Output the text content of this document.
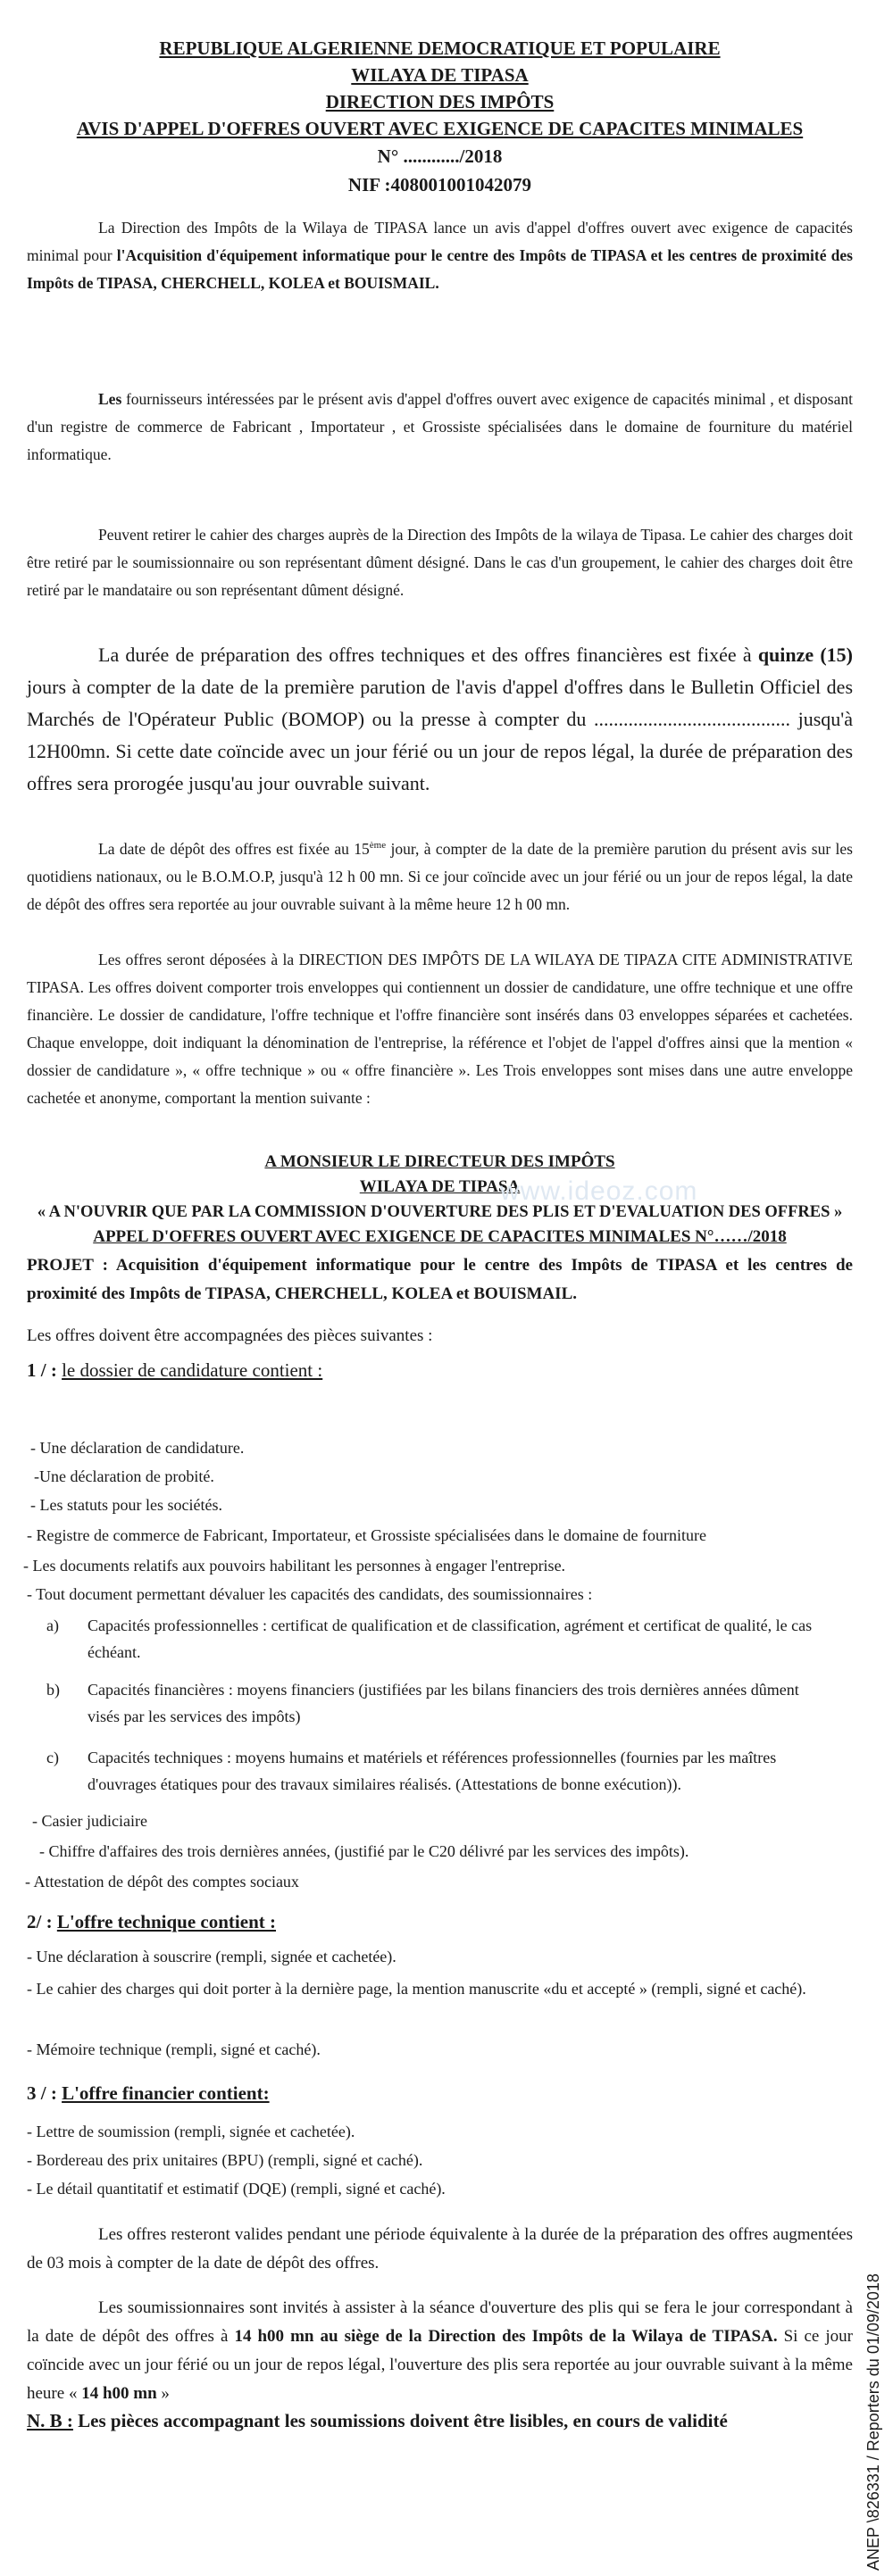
REPUBLIQUE ALGERIENNE DEMOCRATIQUE ET POPULAIRE
WILAYA DE TIPASA
DIRECTION DES IMPÔTS
AVIS D'APPEL D'OFFRES OUVERT AVEC EXIGENCE DE CAPACITES MINIMALES
N° ............/2018
NIF :408001001042079
La Direction des Impôts de la Wilaya de TIPASA lance un avis d'appel d'offres ouvert avec exigence de capacités minimal pour l'Acquisition d'équipement informatique pour le centre des Impôts de TIPASA et les centres de proximité des Impôts de TIPASA, CHERCHELL, KOLEA et BOUISMAIL.
Les fournisseurs intéressées par le présent avis d'appel d'offres ouvert avec exigence de capacités minimal , et disposant d'un registre de commerce de Fabricant , Importateur , et Grossiste spécialisées dans le domaine de fourniture du matériel informatique.
Peuvent retirer le cahier des charges auprès de la Direction des Impôts de la wilaya de Tipasa. Le cahier des charges doit être retiré par le soumissionnaire ou son représentant dûment désigné. Dans le cas d'un groupement, le cahier des charges doit être retiré par le mandataire ou son représentant dûment désigné.
La durée de préparation des offres techniques et des offres financières est fixée à quinze (15) jours à compter de la date de la première parution de l'avis d'appel d'offres dans le Bulletin Officiel des Marchés de l'Opérateur Public (BOMOP) ou la presse à compter du ........................................ jusqu'à 12H00mn. Si cette date coïncide avec un jour férié ou un jour de repos légal, la durée de préparation des offres sera prorogée jusqu'au jour ouvrable suivant.
La date de dépôt des offres est fixée au 15ème jour, à compter de la date de la première parution du présent avis sur les quotidiens nationaux, ou le B.O.M.O.P, jusqu'à 12 h 00 mn. Si ce jour coïncide avec un jour férié ou un jour de repos légal, la date de dépôt des offres sera reportée au jour ouvrable suivant à la même heure 12 h 00 mn.
Les offres seront déposées à la DIRECTION DES IMPÔTS DE LA WILAYA DE TIPAZA CITE ADMINISTRATIVE TIPASA. Les offres doivent comporter trois enveloppes qui contiennent un dossier de candidature, une offre technique et une offre financière. Le dossier de candidature, l'offre technique et l'offre financière sont insérés dans 03 enveloppes séparées et cachetées. Chaque enveloppe, doit indiquant la dénomination de l'entreprise, la référence et l'objet de l'appel d'offres ainsi que la mention « dossier de candidature », « offre technique » ou « offre financière ». Les Trois enveloppes sont mises dans une autre enveloppe cachetée et anonyme, comportant la mention suivante :
A MONSIEUR LE DIRECTEUR DES IMPÔTS
WILAYA DE TIPASA
« A N'OUVRIR QUE PAR LA COMMISSION D'OUVERTURE DES PLIS ET D'EVALUATION DES OFFRES »
APPEL D'OFFRES OUVERT AVEC EXIGENCE DE CAPACITES MINIMALES N°……/2018
www.ideoz.com
PROJET : Acquisition d'équipement informatique pour le centre des Impôts de TIPASA et les centres de proximité des Impôts de TIPASA, CHERCHELL, KOLEA et BOUISMAIL.
Les offres doivent être accompagnées des pièces suivantes :
1 / : le dossier de candidature contient :
- Une déclaration de candidature.
-Une déclaration de probité.
- Les statuts pour les sociétés.
- Registre de commerce de Fabricant, Importateur, et Grossiste spécialisées dans le domaine de fourniture
- Les documents relatifs aux pouvoirs habilitant les personnes à engager l'entreprise.
- Tout document permettant dévaluer les capacités des candidats, des soumissionnaires :
a) Capacités professionnelles : certificat de qualification et de classification, agrément et certificat de qualité, le cas échéant.
b) Capacités financières : moyens financiers (justifiées par les bilans financiers des trois dernières années dûment visés par les services des impôts)
c) Capacités techniques : moyens humains et matériels et références professionnelles (fournies par les maîtres d'ouvrages étatiques pour des travaux similaires réalisés. (Attestations de bonne exécution)).
- Casier judiciaire
- Chiffre d'affaires des trois dernières années, (justifié par le C20 délivré par les services des impôts).
- Attestation de dépôt des comptes sociaux
2/ : L'offre technique contient :
- Une déclaration à souscrire (rempli, signée et cachetée).
- Le cahier des charges qui doit porter à la dernière page, la mention manuscrite «du et accepté » (rempli, signé et caché).
- Mémoire technique (rempli, signé et caché).
3 / : L'offre financier contient:
- Lettre de soumission (rempli, signée et cachetée).
- Bordereau des prix unitaires (BPU) (rempli, signé et caché).
- Le détail quantitatif et estimatif (DQE) (rempli, signé et caché).
Les offres resteront valides pendant une période équivalente à la durée de la préparation des offres augmentées de 03 mois à compter de la date de dépôt des offres.
Les soumissionnaires sont invités à assister à la séance d'ouverture des plis qui se fera le jour correspondant à la date de dépôt des offres à 14 h00 mn au siège de la Direction des Impôts de la Wilaya de TIPASA. Si ce jour coïncide avec un jour férié ou un jour de repos légal, l'ouverture des plis sera reportée au jour ouvrable suivant à la même heure « 14 h00 mn »
N. B : Les pièces accompagnant les soumissions doivent être lisibles, en cours de validité	ANEP \826331 / Reporters du 01/09/2018
